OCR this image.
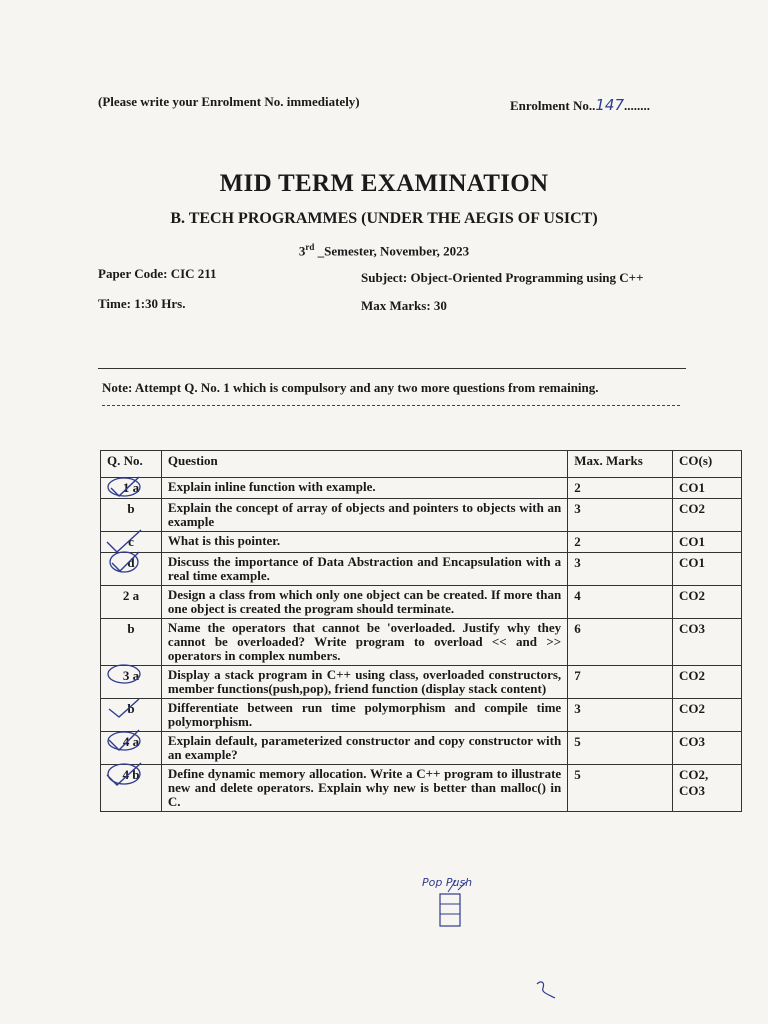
(Please write your Enrolment No. immediately)	Enrolment No..147........
MID TERM EXAMINATION
B. TECH PROGRAMMES (UNDER THE AEGIS OF USICT)
3rd _Semester, November, 2023
Paper Code: CIC 211	Subject: Object-Oriented Programming using C++
Time: 1:30 Hrs.	Max Marks: 30
Note: Attempt Q. No. 1 which is compulsory and any two more questions from remaining.
Q. No.	Question	Max. Marks	CO(s)
1 a	Explain inline function with example.	2	CO1
b	Explain the concept of array of objects and pointers to objects with an example	3	CO2
c	What is this pointer.	2	CO1
d	Discuss the importance of Data Abstraction and Encapsulation with a real time example.	3	CO1
2 a	Design a class from which only one object can be created. If more than one object is created the program should terminate.	4	CO2
b	Name the operators that cannot be 'overloaded. Justify why they cannot be overloaded? Write program to overload << and >> operators in complex numbers.	6	CO3
3 a	Display a stack program in C++ using class, overloaded constructors, member functions(push,pop), friend function (display stack content)	7	CO2
b	Differentiate between run time polymorphism and compile time polymorphism.	3	CO2
4 a	Explain default, parameterized constructor and copy constructor with an example?	5	CO3
4 b	Define dynamic memory allocation. Write a C++ program to illustrate new and delete operators. Explain why new is better than malloc() in C.	5	CO2, CO3
Pop Push
